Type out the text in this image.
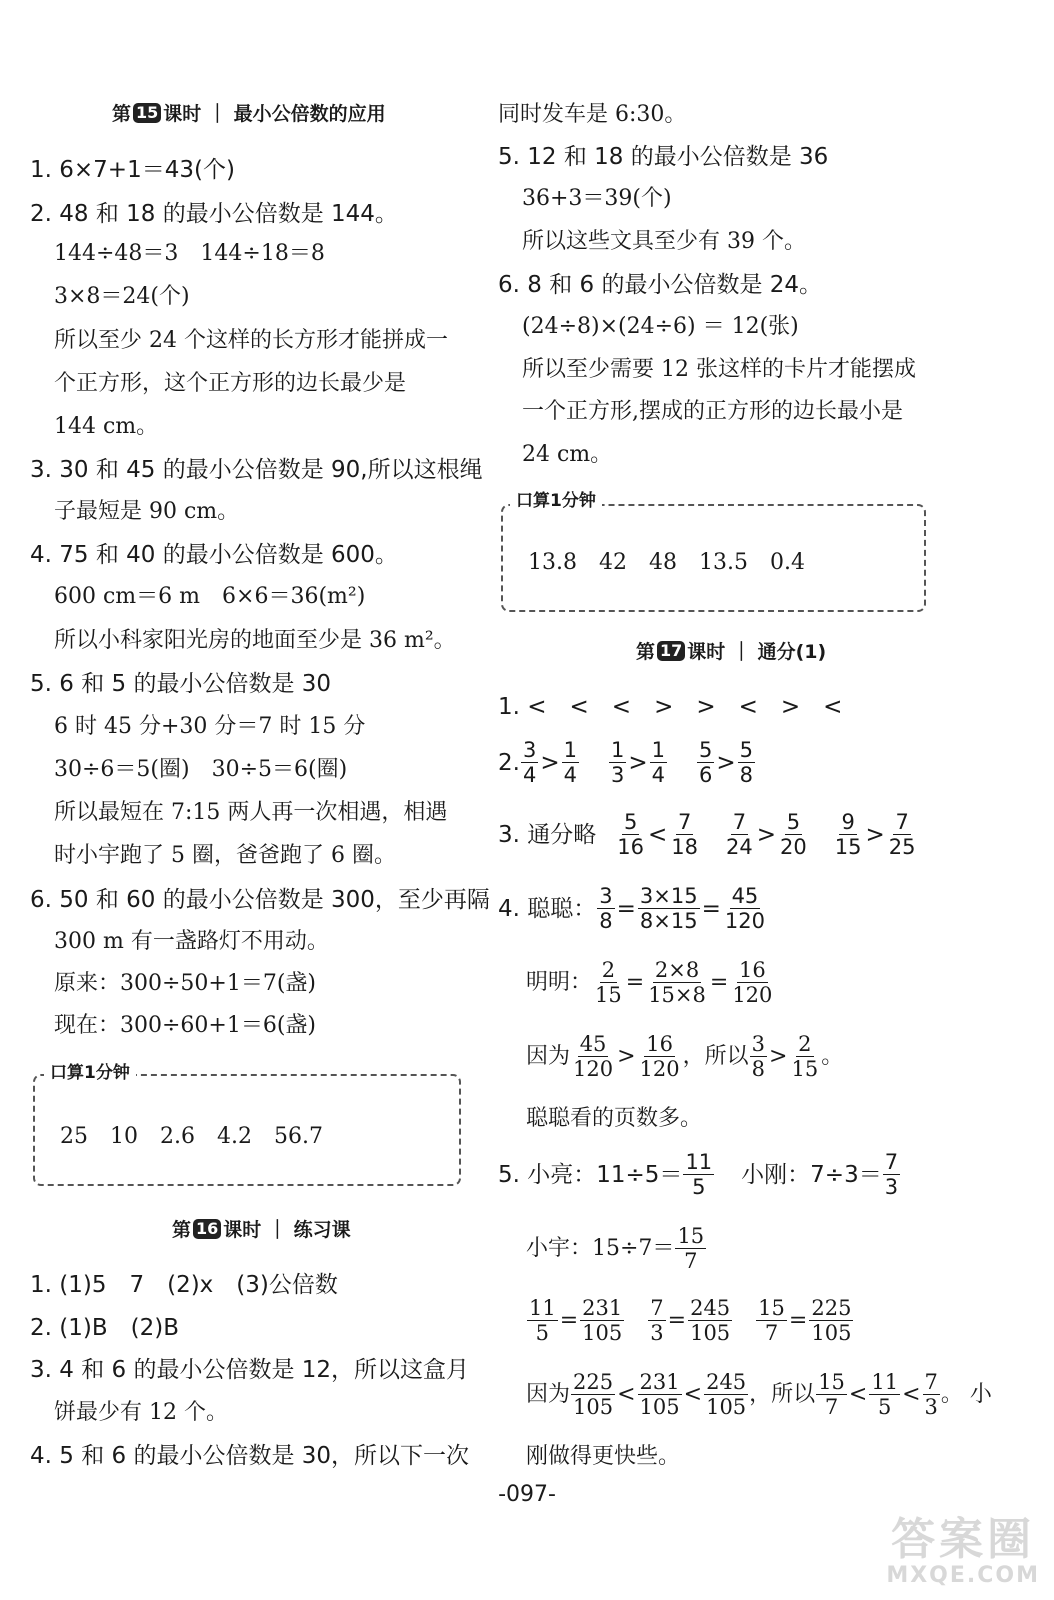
第 15 课时 ｜ 最小公倍数的应用
1. 6×7+1＝43(个)
2. 48 和 18 的最小公倍数是 144。
144÷48＝3　144÷18＝8
3×8＝24(个)
所以至少 24 个这样的长方形才能拼成一
个正方形，这个正方形的边长最少是
144 cm。
3. 30 和 45 的最小公倍数是 90,所以这根绳
子最短是 90 cm。
4. 75 和 40 的最小公倍数是 600。
600 cm＝6 m　6×6＝36(m²)
所以小科家阳光房的地面至少是 36 m²。
5. 6 和 5 的最小公倍数是 30
6 时 45 分+30 分＝7 时 15 分
30÷6＝5(圈)　30÷5＝6(圈)
所以最短在 7:15 两人再一次相遇，相遇
时小宇跑了 5 圈，爸爸跑了 6 圈。
6. 50 和 60 的最小公倍数是 300，至少再隔
300 m 有一盏路灯不用动。
原来：300÷50+1＝7(盏)
现在：300÷60+1＝6(盏)
口算1分钟
25　10　2.6　4.2　56.7
第 16 课时 ｜ 练习课
1. (1)5　7　(2)x　(3)公倍数
2. (1)B　(2)B
3. 4 和 6 的最小公倍数是 12，所以这盒月
饼最少有 12 个。
4. 5 和 6 的最小公倍数是 30，所以下一次
同时发车是 6:30。
5. 12 和 18 的最小公倍数是 36
36+3＝39(个)
所以这些文具至少有 39 个。
6. 8 和 6 的最小公倍数是 24。
(24÷8)×(24÷6) ＝ 12(张)
所以至少需要 12 张这样的卡片才能摆成
一个正方形,摆成的正方形的边长最小是
24 cm。
口算1分钟
13.8　42　48　13.5　0.4
第 17 课时 ｜ 通分(1)
1. <　<　<　>　>　<　>　<
2. $\frac{3}{4} > \frac{1}{4} \frac{1}{3} > \frac{1}{4} \frac{5}{6} > \frac{5}{8}$
3. 通分略 $\frac{5}{16} < \frac{7}{18} \frac{7}{24} > \frac{5}{20} \frac{9}{15} > \frac{7}{25}$
4. 聪聪： $\frac{3}{8} = \frac{3\times 15}{8\times 15} = \frac{45}{120}$
明明： $\frac{2}{15} = \frac{2\times 8}{15\times 8} = \frac{16}{120}$
因为 $\frac{45}{120} > \frac{16}{120}$ ，所以 $\frac{3}{8} > \frac{2}{15}$ 。
聪聪看的页数多。
5. 小亮：$11\div 5= \frac{11}{5}$ 小刚：$7\div 3= \frac{7}{3}$
小宇：$15\div 7= \frac{15}{7}$
$\frac{11}{5} = \frac{231}{105} \frac{7}{3} = \frac{245}{105} \frac{15}{7} = \frac{225}{105}$
因为 $\frac{225}{105} < \frac{231}{105} < \frac{245}{105}$ ，所以 $\frac{15}{7} < \frac{11}{5} < \frac{7}{3}$ 。 小
刚做得更快些。
-097-
答案圈
MXQE.COM
